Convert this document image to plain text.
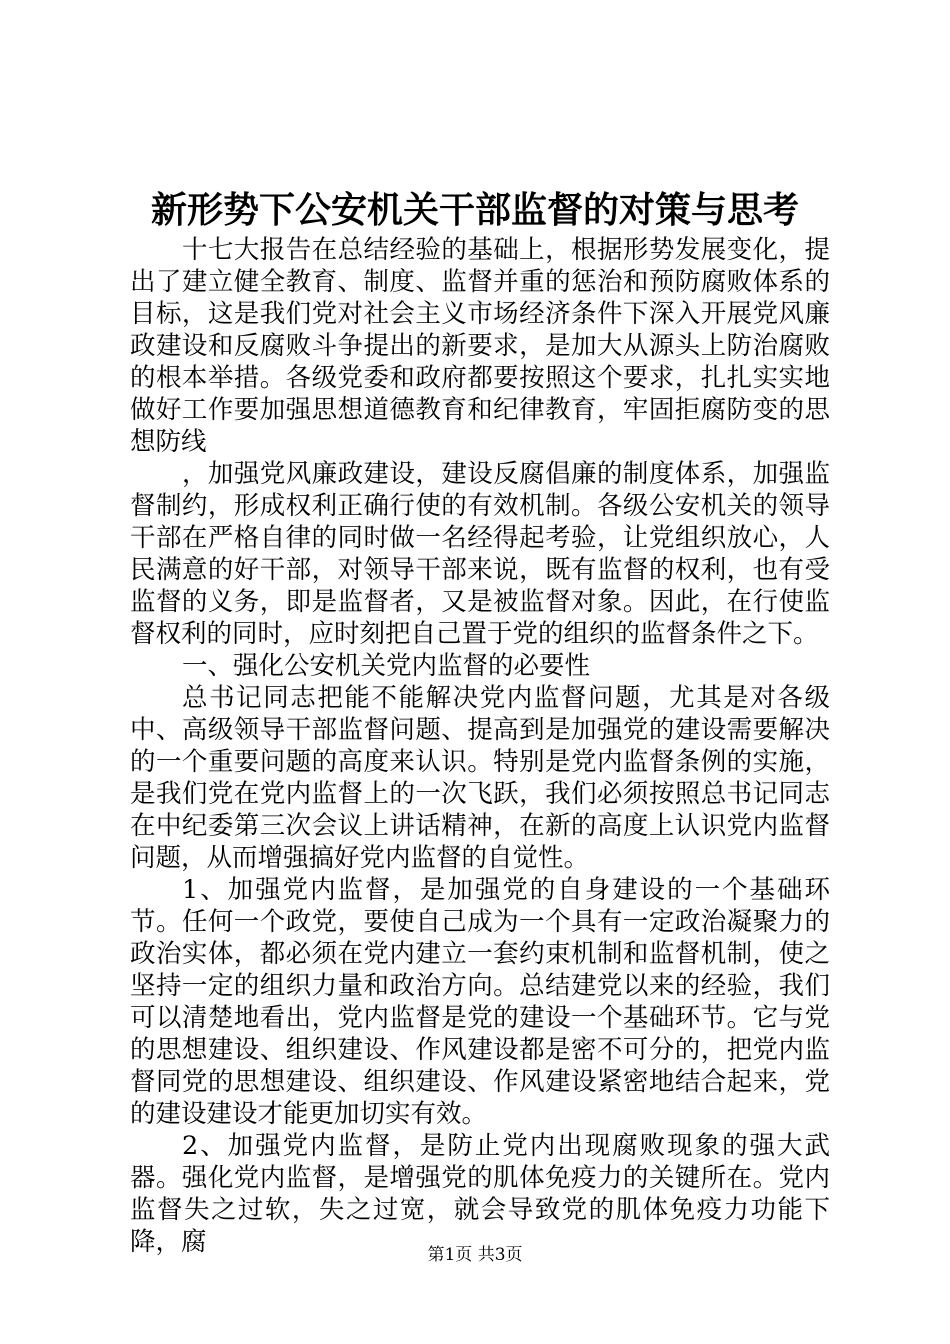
新形势下公安机关干部监督的对策与思考

十七大报告在总结经验的基础上，根据形势发展变化，提出了建立健全教育、制度、监督并重的惩治和预防腐败体系的目标，这是我们党对社会主义市场经济条件下深入开展党风廉政建设和反腐败斗争提出的新要求，是加大从源头上防治腐败的根本举措。各级党委和政府都要按照这个要求，扎扎实实地做好工作要加强思想道德教育和纪律教育，牢固拒腐防变的思想防线

，加强党风廉政建设，建设反腐倡廉的制度体系，加强监督制约，形成权利正确行使的有效机制。各级公安机关的领导干部在严格自律的同时做一名经得起考验，让党组织放心，人民满意的好干部，对领导干部来说，既有监督的权利，也有受监督的义务，即是监督者，又是被监督对象。因此，在行使监督权利的同时，应时刻把自己置于党的组织的监督条件之下。

一、强化公安机关党内监督的必要性

总书记同志把能不能解决党内监督问题，尤其是对各级中、高级领导干部监督问题、提高到是加强党的建设需要解决的一个重要问题的高度来认识。特别是党内监督条例的实施，是我们党在党内监督上的一次飞跃，我们必须按照总书记同志在中纪委第三次会议上讲话精神，在新的高度上认识党内监督问题，从而增强搞好党内监督的自觉性。

1、加强党内监督，是加强党的自身建设的一个基础环节。任何一个政党，要使自己成为一个具有一定政治凝聚力的政治实体，都必须在党内建立一套约束机制和监督机制，使之坚持一定的组织力量和政治方向。总结建党以来的经验，我们可以清楚地看出，党内监督是党的建设一个基础环节。它与党的思想建设、组织建设、作风建设都是密不可分的，把党内监督同党的思想建设、组织建设、作风建设紧密地结合起来，党的建设建设才能更加切实有效。

2、加强党内监督，是防止党内出现腐败现象的强大武器。强化党内监督，是增强党的肌体免疫力的关键所在。党内监督失之过软，失之过宽，就会导致党的肌体免疫力功能下降，腐	第1页 共3页
